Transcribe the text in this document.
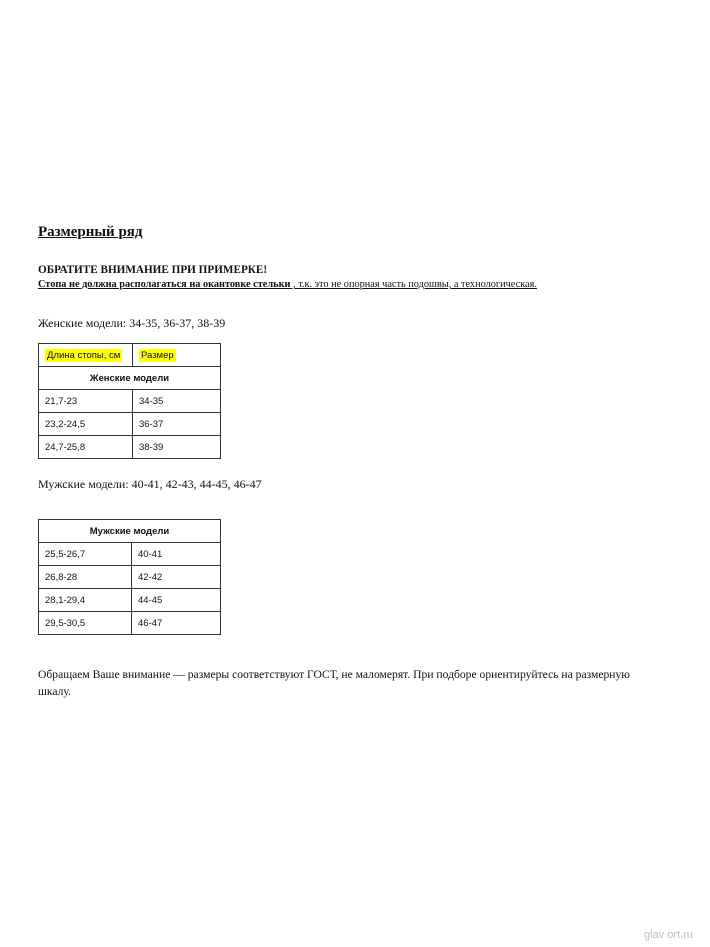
Размерный ряд
ОБРАТИТЕ ВНИМАНИЕ ПРИ ПРИМЕРКЕ!
Стопа не должна располагаться на окантовке стельки , т.к. это не опорная часть подошвы, а технологическая.
Женские модели: 34-35, 36-37, 38-39
Длина стопы, см	Размер
Женские модели	
21,7-23	34-35
23,2-24,5	36-37
24,7-25,8	38-39
Мужские модели: 40-41, 42-43, 44-45, 46-47
Мужские модели	
25,5-26,7	40-41
26,8-28	42-42
28,1-29,4	44-45
29,5-30,5	46-47
Обращаем Ваше внимание — размеры соответствуют ГОСТ, не маломерят. При подборе ориентируйтесь на размерную шкалу.
glav ort.ru
